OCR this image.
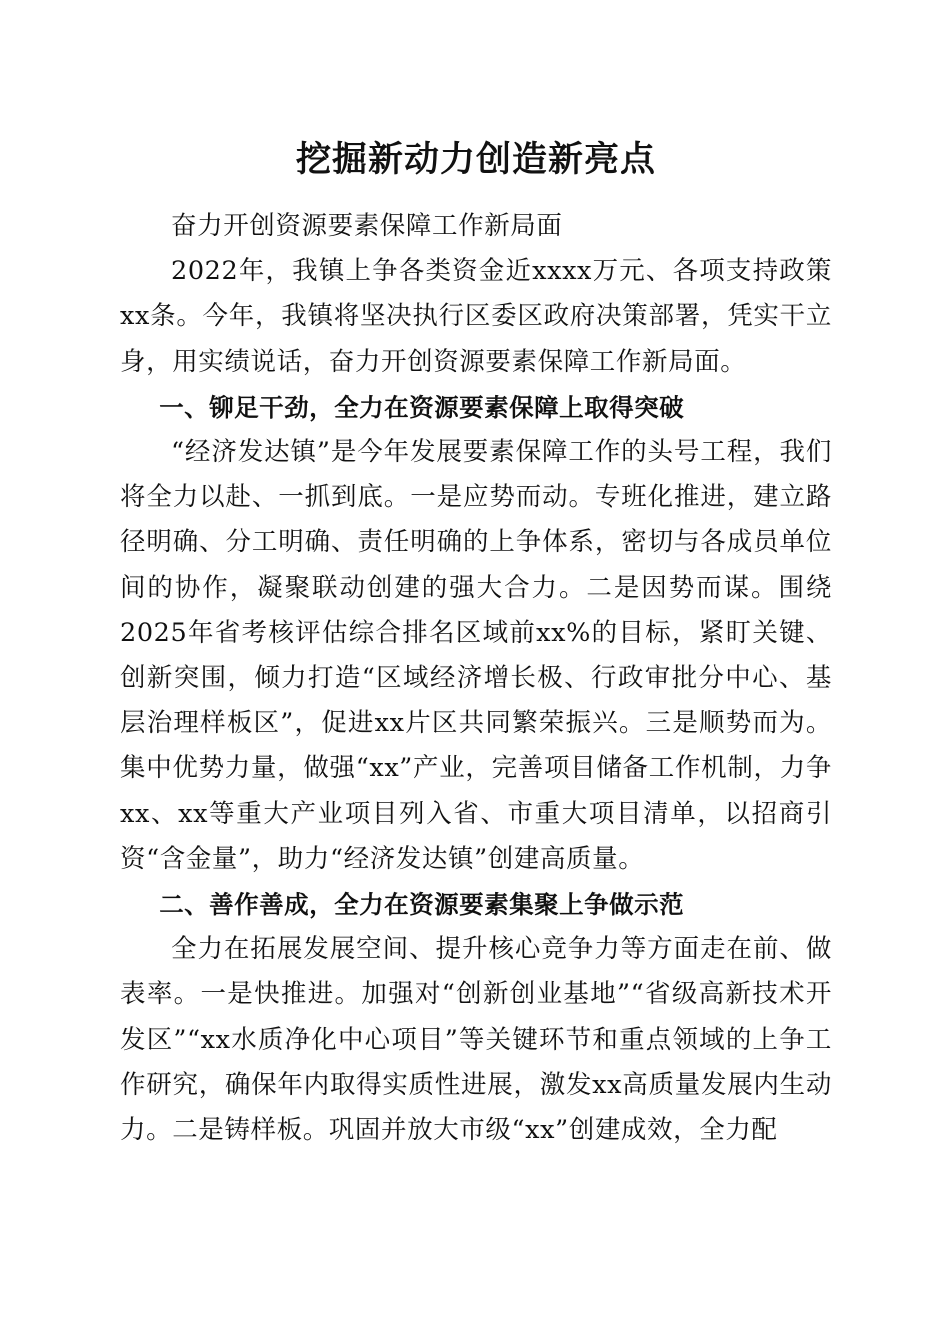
挖掘新动力创造新亮点

奋力开创资源要素保障工作新局面

2022年，我镇上争各类资金近xxxx万元、各项支持政策xx条。今年，我镇将坚决执行区委区政府决策部署，凭实干立身，用实绩说话，奋力开创资源要素保障工作新局面。

一、铆足干劲，全力在资源要素保障上取得突破

“经济发达镇”是今年发展要素保障工作的头号工程，我们将全力以赴、一抓到底。一是应势而动。专班化推进，建立路径明确、分工明确、责任明确的上争体系，密切与各成员单位间的协作，凝聚联动创建的强大合力。二是因势而谋。围绕2025年省考核评估综合排名区域前xx%的目标，紧盯关键、创新突围，倾力打造“区域经济增长极、行政审批分中心、基层治理样板区”，促进xx片区共同繁荣振兴。三是顺势而为。集中优势力量，做强“xx”产业，完善项目储备工作机制，力争xx、xx等重大产业项目列入省、市重大项目清单，以招商引资“含金量”，助力“经济发达镇”创建高质量。

二、善作善成，全力在资源要素集聚上争做示范

全力在拓展发展空间、提升核心竞争力等方面走在前、做表率。一是快推进。加强对“创新创业基地”“省级高新技术开发区”“xx水质净化中心项目”等关键环节和重点领域的上争工作研究，确保年内取得实质性进展，激发xx高质量发展内生动力。二是铸样板。巩固并放大市级“xx”创建成效，全力配
